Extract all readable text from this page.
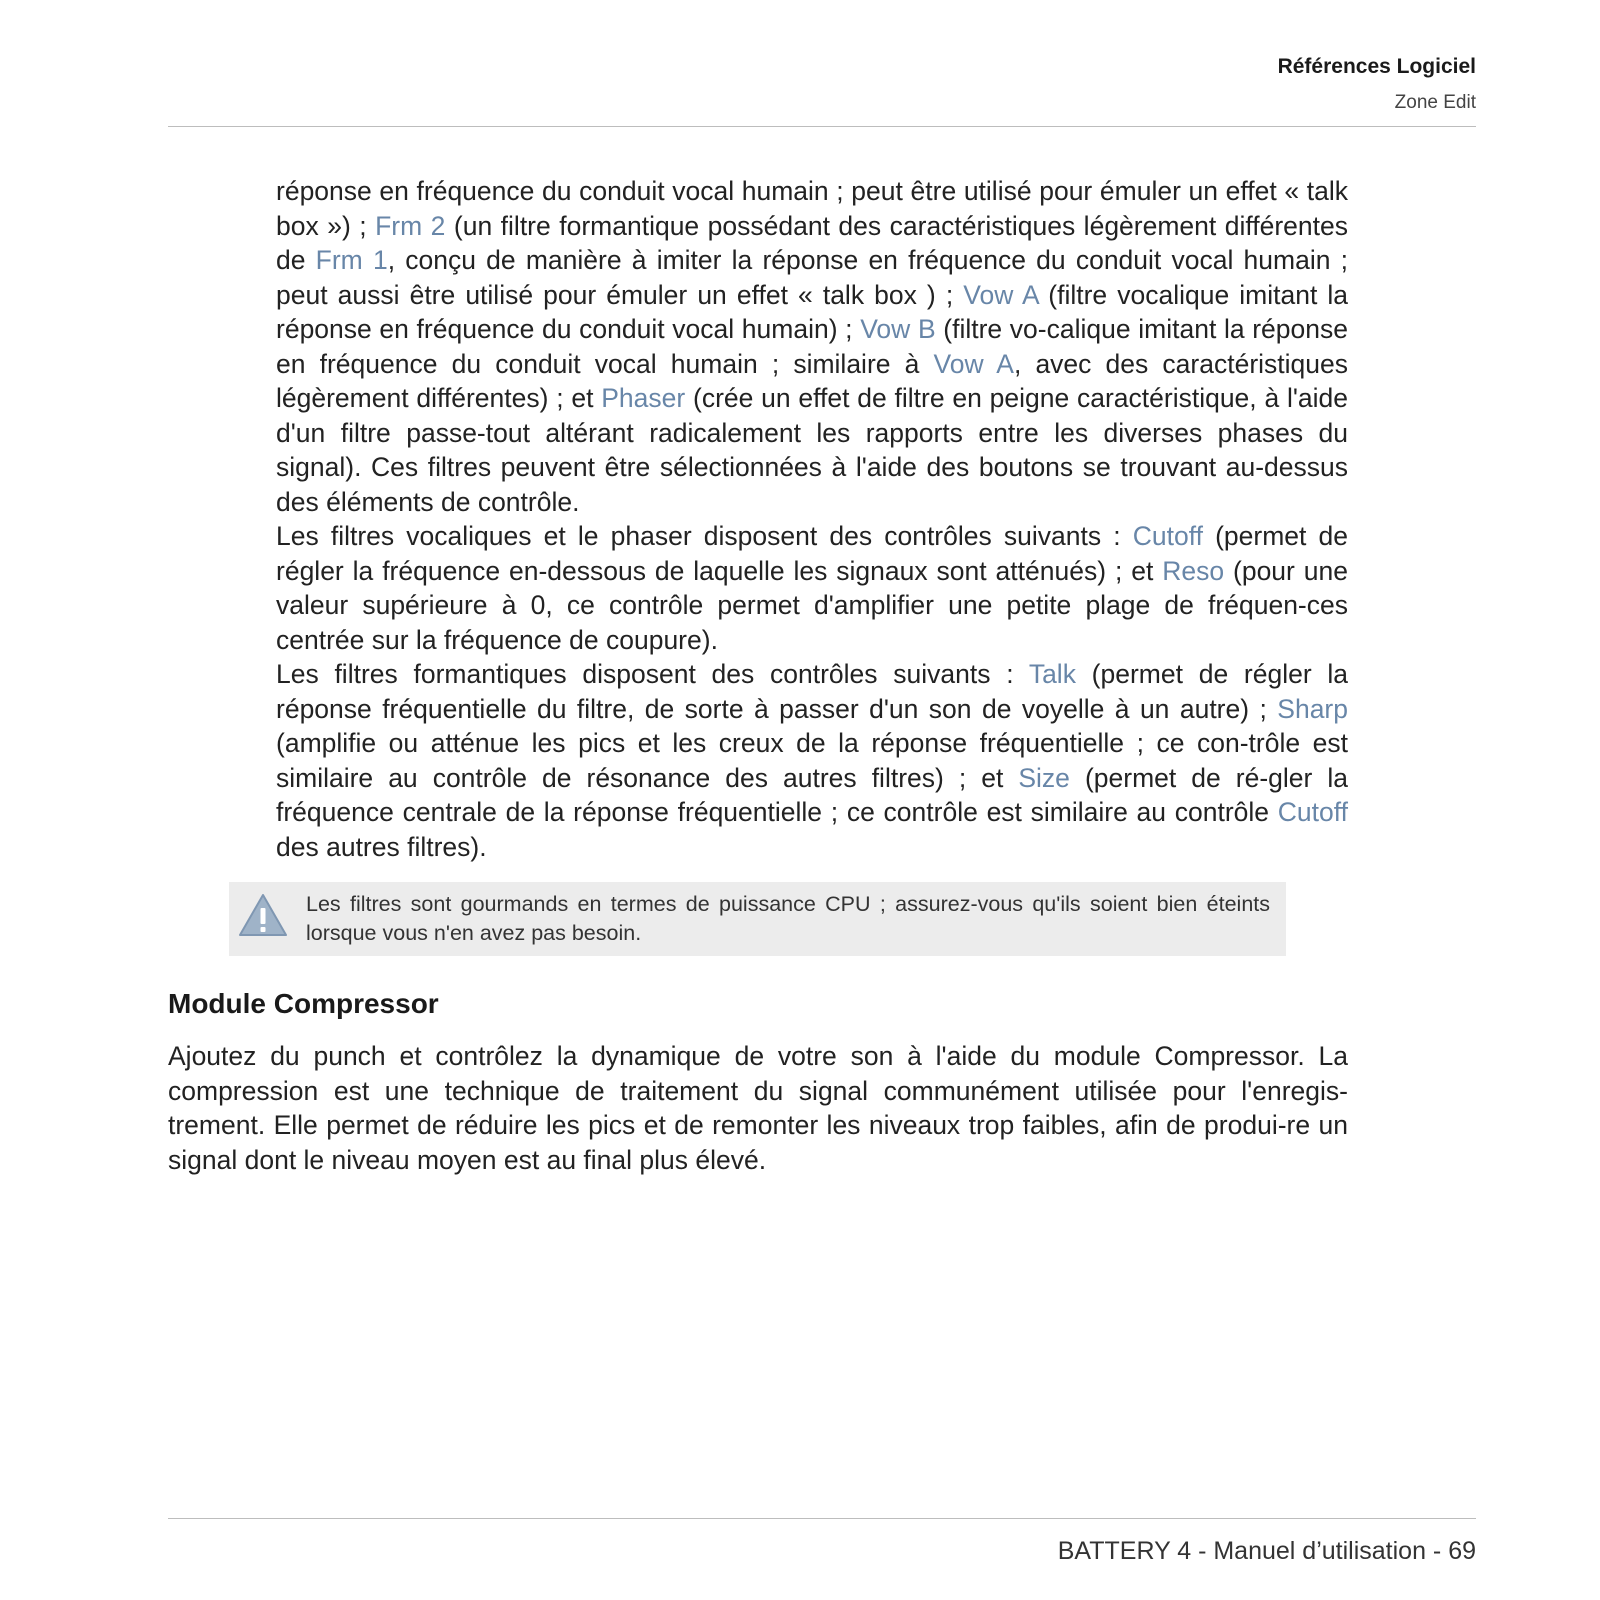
Références Logiciel
Zone Edit

réponse en fréquence du conduit vocal humain ; peut être utilisé pour émuler un effet « talk box ») ; Frm 2 (un filtre formantique possédant des caractéristiques légèrement différentes de Frm 1, conçu de manière à imiter la réponse en fréquence du conduit vocal humain ; peut aussi être utilisé pour émuler un effet « talk box ) ; Vow A (filtre vocalique imitant la réponse en fréquence du conduit vocal humain) ; Vow B (filtre vo-calique imitant la réponse en fréquence du conduit vocal humain ; similaire à Vow A, avec des caractéristiques légèrement différentes) ; et Phaser (crée un effet de filtre en peigne caractéristique, à l'aide d'un filtre passe-tout altérant radicalement les rapports entre les diverses phases du signal). Ces filtres peuvent être sélectionnées à l'aide des boutons se trouvant au-dessus des éléments de contrôle.

Les filtres vocaliques et le phaser disposent des contrôles suivants : Cutoff (permet de régler la fréquence en-dessous de laquelle les signaux sont atténués) ; et Reso (pour une valeur supérieure à 0, ce contrôle permet d'amplifier une petite plage de fréquen-ces centrée sur la fréquence de coupure).

Les filtres formantiques disposent des contrôles suivants : Talk (permet de régler la réponse fréquentielle du filtre, de sorte à passer d'un son de voyelle à un autre) ; Sharp (amplifie ou atténue les pics et les creux de la réponse fréquentielle ; ce con-trôle est similaire au contrôle de résonance des autres filtres) ; et Size (permet de ré-gler la fréquence centrale de la réponse fréquentielle ; ce contrôle est similaire au contrôle Cutoff des autres filtres).

Les filtres sont gourmands en termes de puissance CPU ; assurez-vous qu'ils soient bien éteints lorsque vous n'en avez pas besoin.

Module Compressor

Ajoutez du punch et contrôlez la dynamique de votre son à l'aide du module Compressor. La compression est une technique de traitement du signal communément utilisée pour l'enregis-trement. Elle permet de réduire les pics et de remonter les niveaux trop faibles, afin de produi-re un signal dont le niveau moyen est au final plus élevé.

BATTERY 4 - Manuel d’utilisation - 69
